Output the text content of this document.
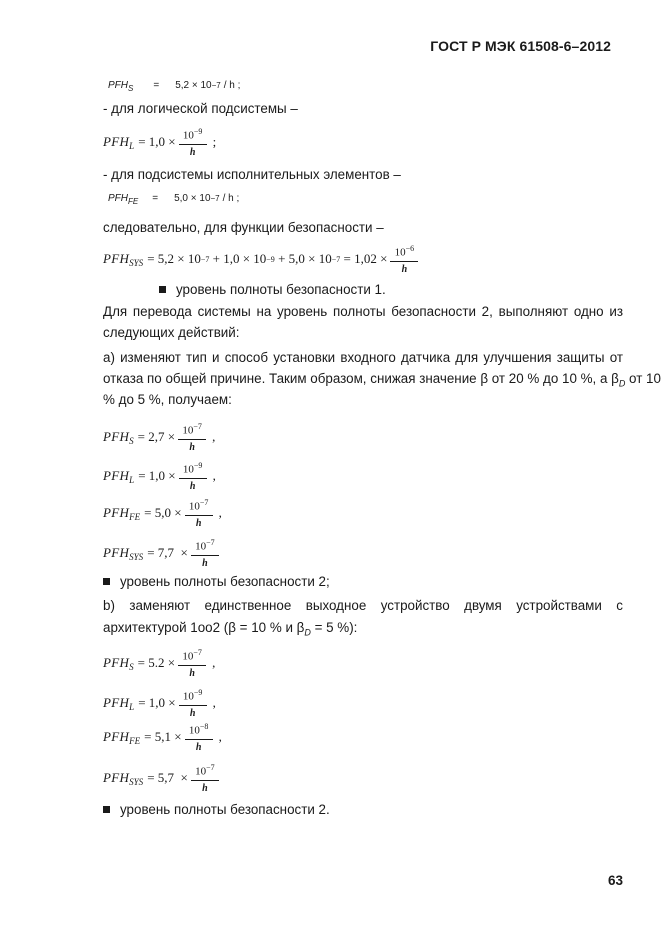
ГОСТ Р МЭК 61508-6–2012
PFH S = 5,2 × 10 −7 / h ;
- для логической подсистемы –
PFH $L = 1,0 \times \frac{10^{-9}}{h}$ ;
- для подсистемы исполнительных элементов –
PFH FE = 5,0 × 10 −7 / h ;
следовательно, для функции безопасности –
PFH SYS = $5,2 \times 10 -7 + 1,0 \times 10 -9 + 5,0 \times 10 -7 = 1,02 \times \frac{10^{-6}}{h}$
уровень полноты безопасности 1.
Для перевода системы на уровень полноты безопасности 2, выполняют одно из
следующих действий:
а) изменяют тип и способ установки входного датчика для улучшения защиты от
отказа по общей причине. Таким образом, снижая значение β от 20 % до 10 %, а $\beta_D$ от 10
% до 5 %, получаем:
PFH $S = 2,7 \times \frac{10^{-7}}{h}$ ,
PFH $L = 1,0 \times \frac{10^{-9}}{h}$ ,
PFH FE = $5,0 \times \frac{10^{-7}}{h}$ ,
PFH SYS = $7,7 \times \frac{10^{-7}}{h}$
уровень полноты безопасности 2;
b) заменяют единственное выходное устройство двумя устройствами с
архитектурой 1oo2 (β = 10 % и $\beta_D = 5$ %):
PFH $S = 5.2 \times \frac{10^{-7}}{h}$ ,
PFH $L = 1,0 \times \frac{10^{-9}}{h}$ ,
PFH FE = $5,1 \times \frac{10^{-8}}{h}$ ,
PFH SYS = $5,7 \times \frac{10^{-7}}{h}$
уровень полноты безопасности 2.
63
